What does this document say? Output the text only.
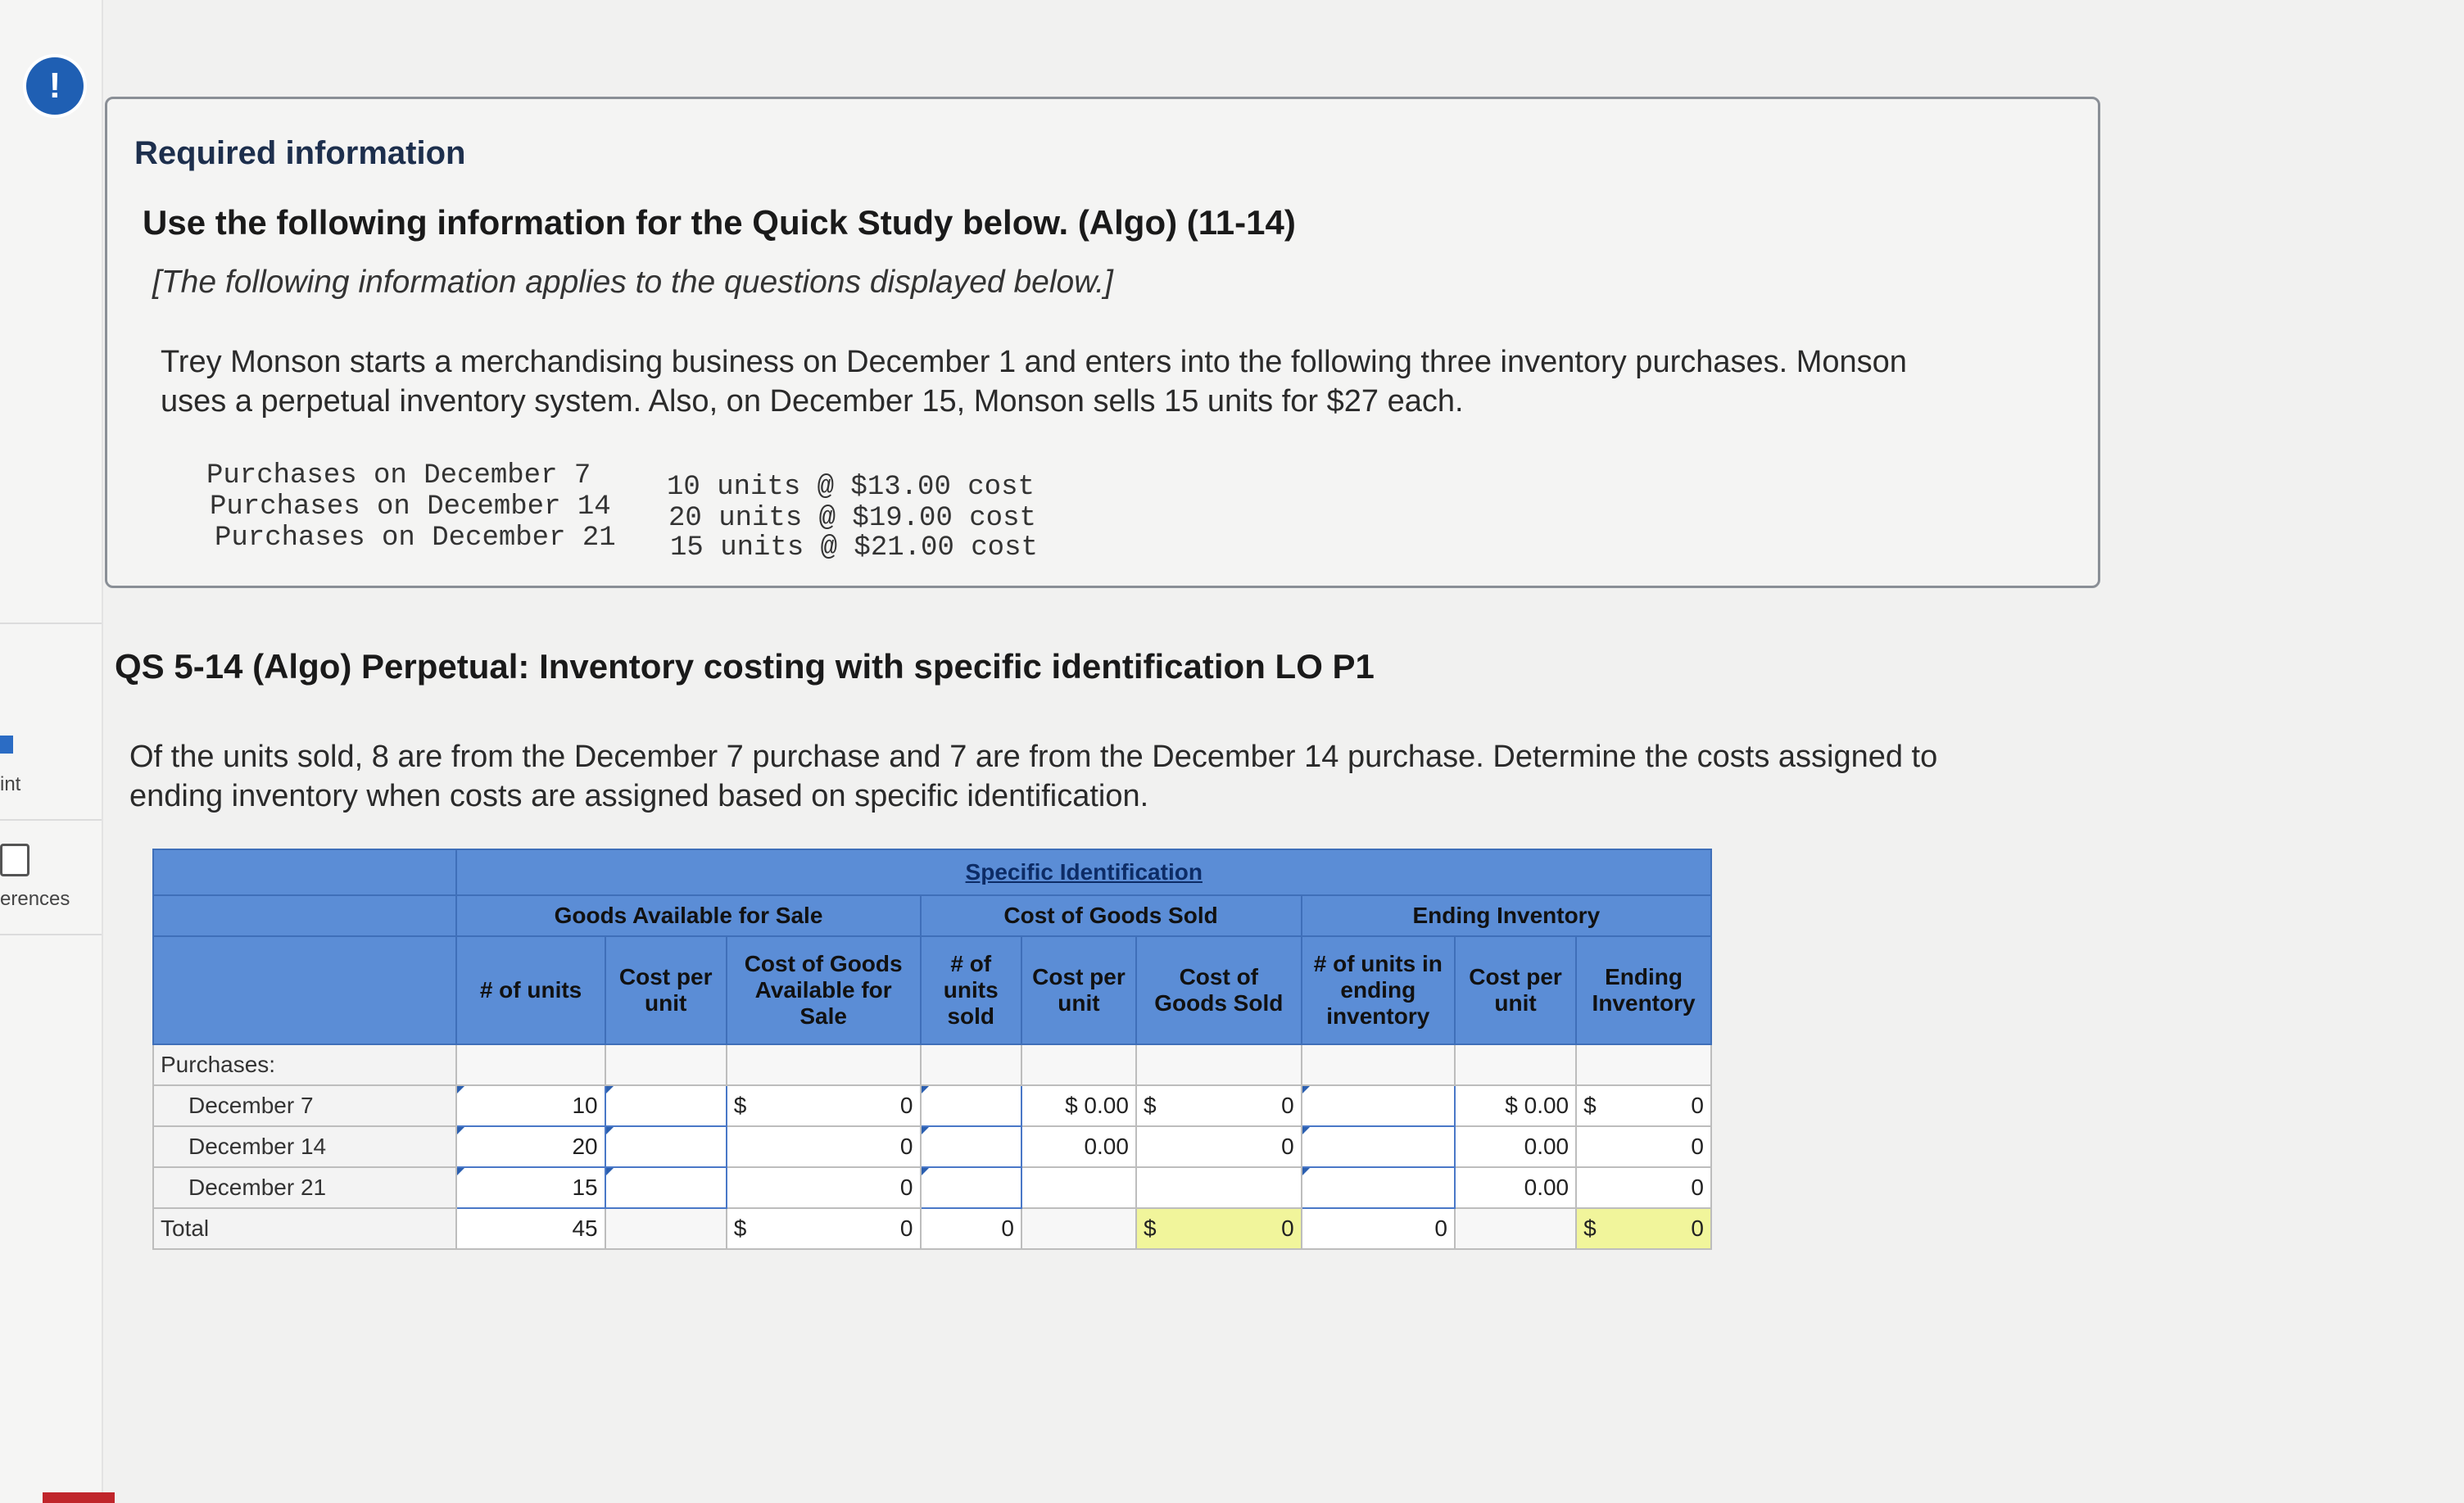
int
erences
!
Required information
Use the following information for the Quick Study below. (Algo) (11-14)
[The following information applies to the questions displayed below.]
Trey Monson starts a merchandising business on December 1 and enters into the following three inventory purchases. Monson uses a perpetual inventory system. Also, on December 15, Monson sells 15 units for $27 each.
Purchases on December 7	10 units @ $13.00 cost
Purchases on December 14 20 units @ $19.00 cost
Purchases on December 21 15 units @ $21.00 cost
QS 5-14 (Algo) Perpetual: Inventory costing with specific identification LO P1
Of the units sold, 8 are from the December 7 purchase and 7 are from the December 14 purchase. Determine the costs assigned to ending inventory when costs are assigned based on specific identification.
	Specific Identification								
	Goods Available for Sale			Cost of Goods Sold			Ending Inventory		
	# of units	Cost per unit	Cost of Goods Available for Sale	# of units sold	Cost per unit	Cost of Goods Sold	# of units in ending inventory	Cost per unit	Ending Inventory
Purchases:									
December 7	10		$ 0		$ 0.00	$ 0		$ 0.00	$ 0
December 14	20		0		0.00	0		0.00	0
December 21	15		0					0.00	0
Total	45		$ 0	0		$ 0	0		$ 0
